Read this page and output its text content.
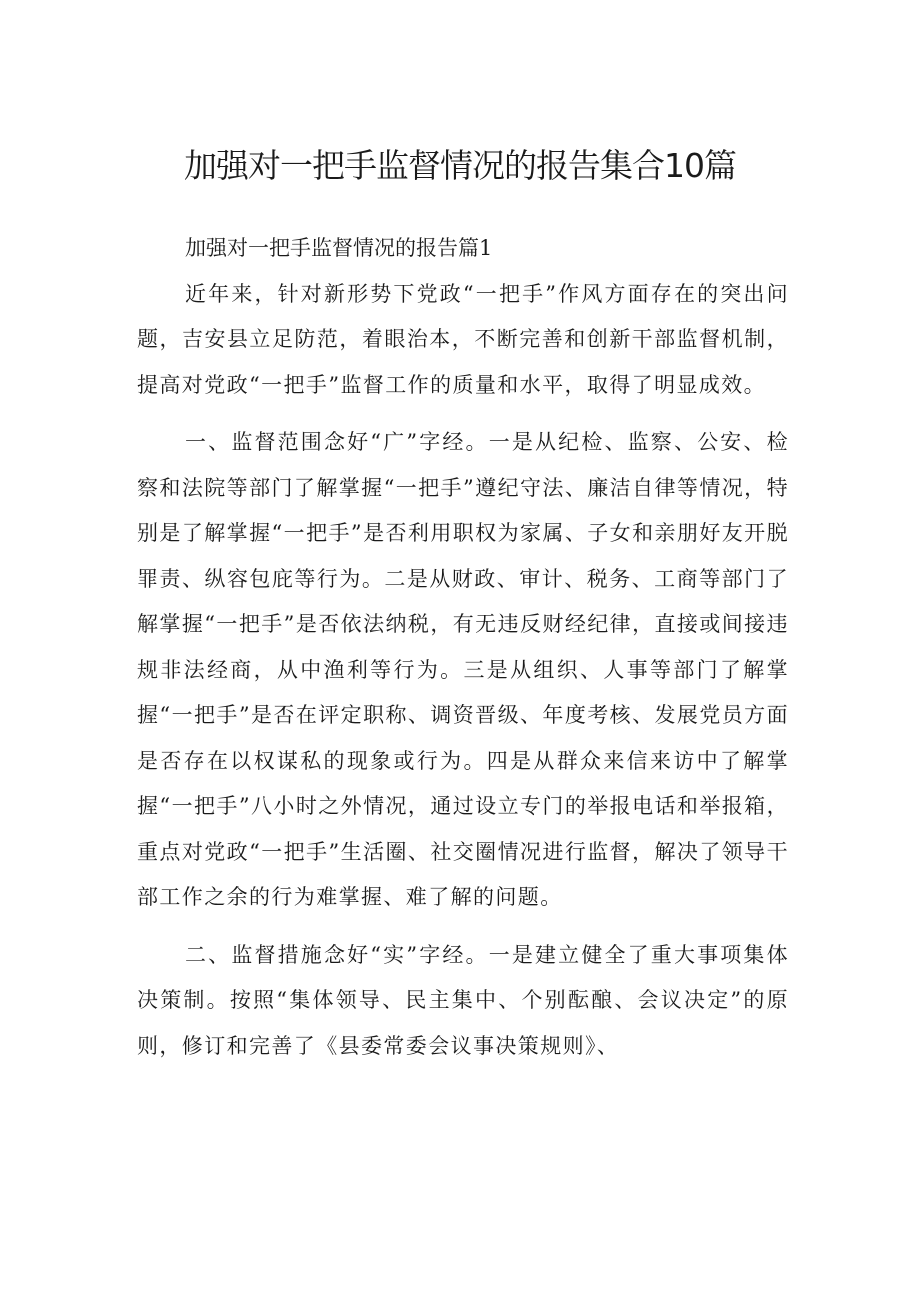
加强对一把手监督情况的报告集合10篇
加强对一把手监督情况的报告篇1

近年来，针对新形势下党政“一把手”作风方面存在的突出问题，吉安县立足防范，着眼治本，不断完善和创新干部监督机制，提高对党政“一把手”监督工作的质量和水平，取得了明显成效。

一、监督范围念好“广”字经。一是从纪检、监察、公安、检察和法院等部门了解掌握“一把手”遵纪守法、廉洁自律等情况，特别是了解掌握“一把手”是否利用职权为家属、子女和亲朋好友开脱罪责、纵容包庇等行为。二是从财政、审计、税务、工商等部门了解掌握“一把手”是否依法纳税，有无违反财经纪律，直接或间接违规非法经商，从中渔利等行为。三是从组织、人事等部门了解掌握“一把手”是否在评定职称、调资晋级、年度考核、发展党员方面是否存在以权谋私的现象或行为。四是从群众来信来访中了解掌握“一把手”八小时之外情况，通过设立专门的举报电话和举报箱，重点对党政“一把手”生活圈、社交圈情况进行监督，解决了领导干部工作之余的行为难掌握、难了解的问题。

二、监督措施念好“实”字经。一是建立健全了重大事项集体决策制。按照“集体领导、民主集中、个别酝酿、会议决定”的原则，修订和完善了《县委常委会议事决策规则》、
